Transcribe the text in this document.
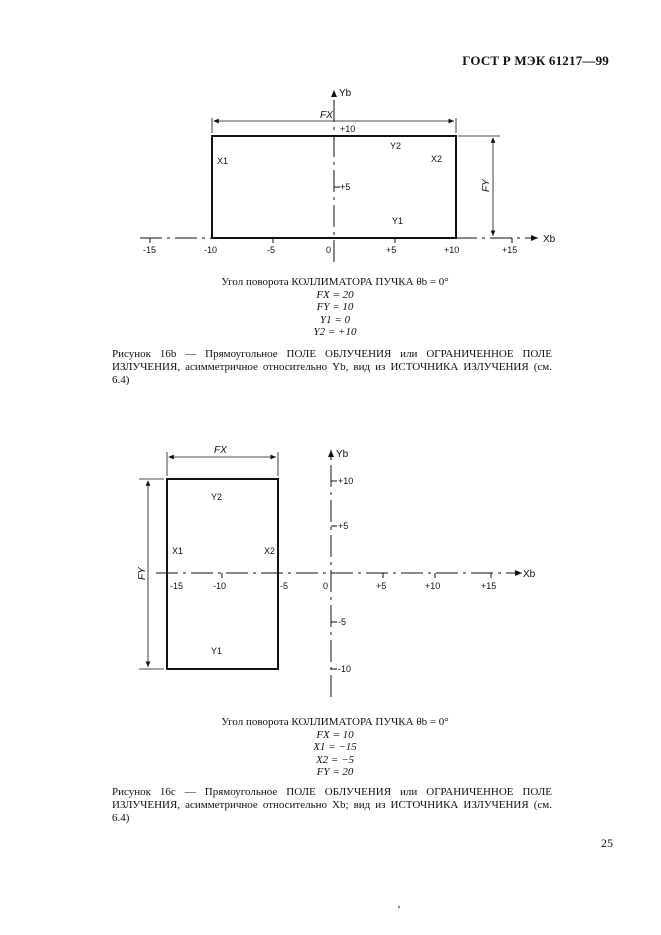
ГОСТ Р МЭК 61217—99
Yb
Xb
FX
FY
X1	X2
Y2
Y1
+10
+5
-15	-10	-5	0	+5	+10	+15
Yb
Xb
FX
FY
X1	X2
Y2
Y1
+10
+5
-5
-10
-15	-10	-5	0	+5	+10	+15
Угол поворота КОЛЛИМАТОРА ПУЧКА θb = 0°
FX = 20
FY = 10
Y1 = 0
Y2 = +10
Рисунок 16b — Прямоугольное ПОЛЕ ОБЛУЧЕНИЯ или ОГРАНИЧЕННОЕ ПОЛЕ ИЗЛУЧЕНИЯ, асимметричное относительно Yb, вид из ИСТОЧНИКА ИЗЛУЧЕНИЯ (см. 6.4)
Угол поворота КОЛЛИМАТОРА ПУЧКА θb = 0°
FX = 10
X1 = −15
X2 = −5
FY = 20
Рисунок 16c — Прямоугольное ПОЛЕ ОБЛУЧЕНИЯ или ОГРАНИЧЕННОЕ ПОЛЕ ИЗЛУЧЕНИЯ, асимметричное относительно Xb; вид из ИСТОЧНИКА ИЗЛУЧЕНИЯ (см. 6.4)
25
‚
